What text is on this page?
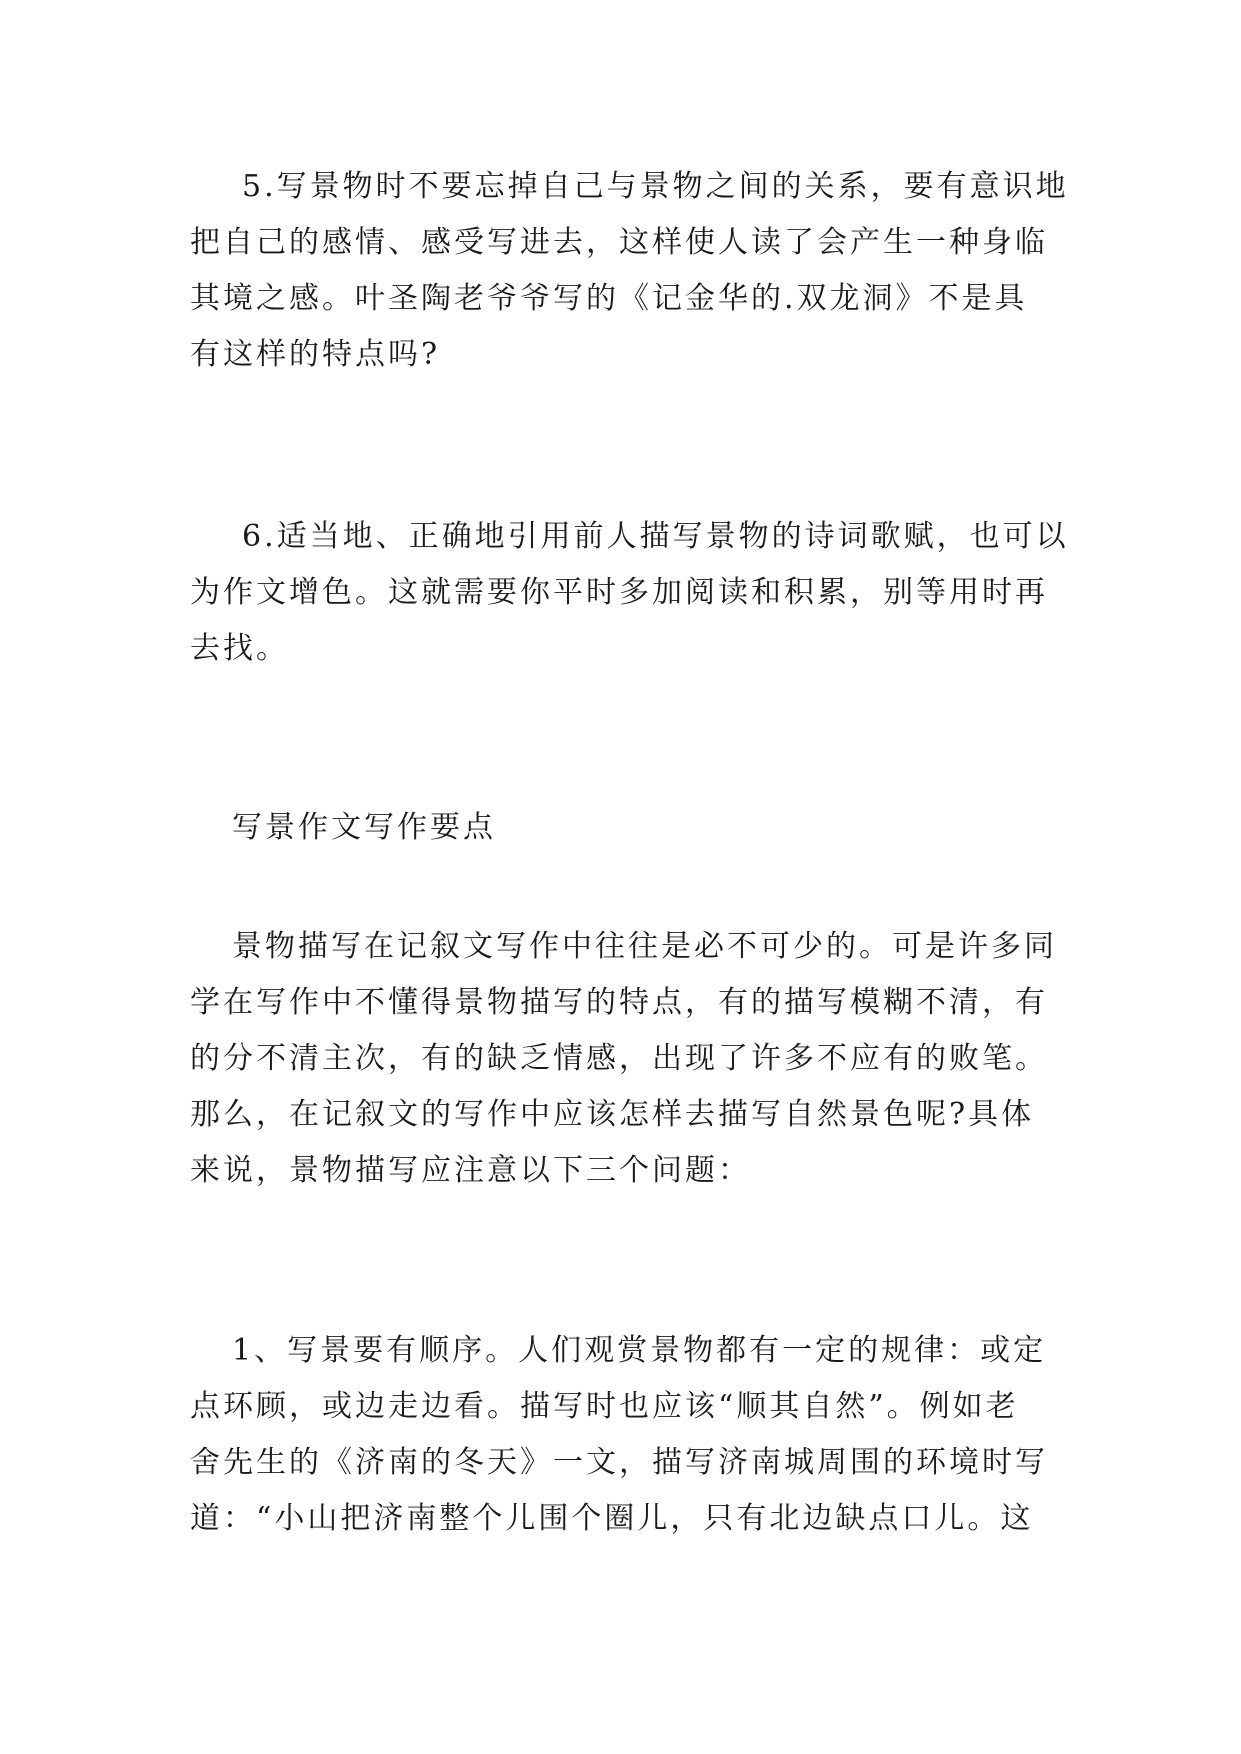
5.写景物时不要忘掉自己与景物之间的关系，要有意识地
把自己的感情、感受写进去，这样使人读了会产生一种身临
其境之感。叶圣陶老爷爷写的《记金华的.双龙洞》不是具
有这样的特点吗?
6.适当地、正确地引用前人描写景物的诗词歌赋，也可以
为作文增色。这就需要你平时多加阅读和积累，别等用时再
去找。
写景作文写作要点
景物描写在记叙文写作中往往是必不可少的。可是许多同
学在写作中不懂得景物描写的特点，有的描写模糊不清，有
的分不清主次，有的缺乏情感，出现了许多不应有的败笔。
那么，在记叙文的写作中应该怎样去描写自然景色呢?具体
来说，景物描写应注意以下三个问题：
1、写景要有顺序。人们观赏景物都有一定的规律：或定
点环顾，或边走边看。描写时也应该“顺其自然”。例如老
舍先生的《济南的冬天》一文，描写济南城周围的环境时写
道：“小山把济南整个儿围个圈儿，只有北边缺点口儿。这
